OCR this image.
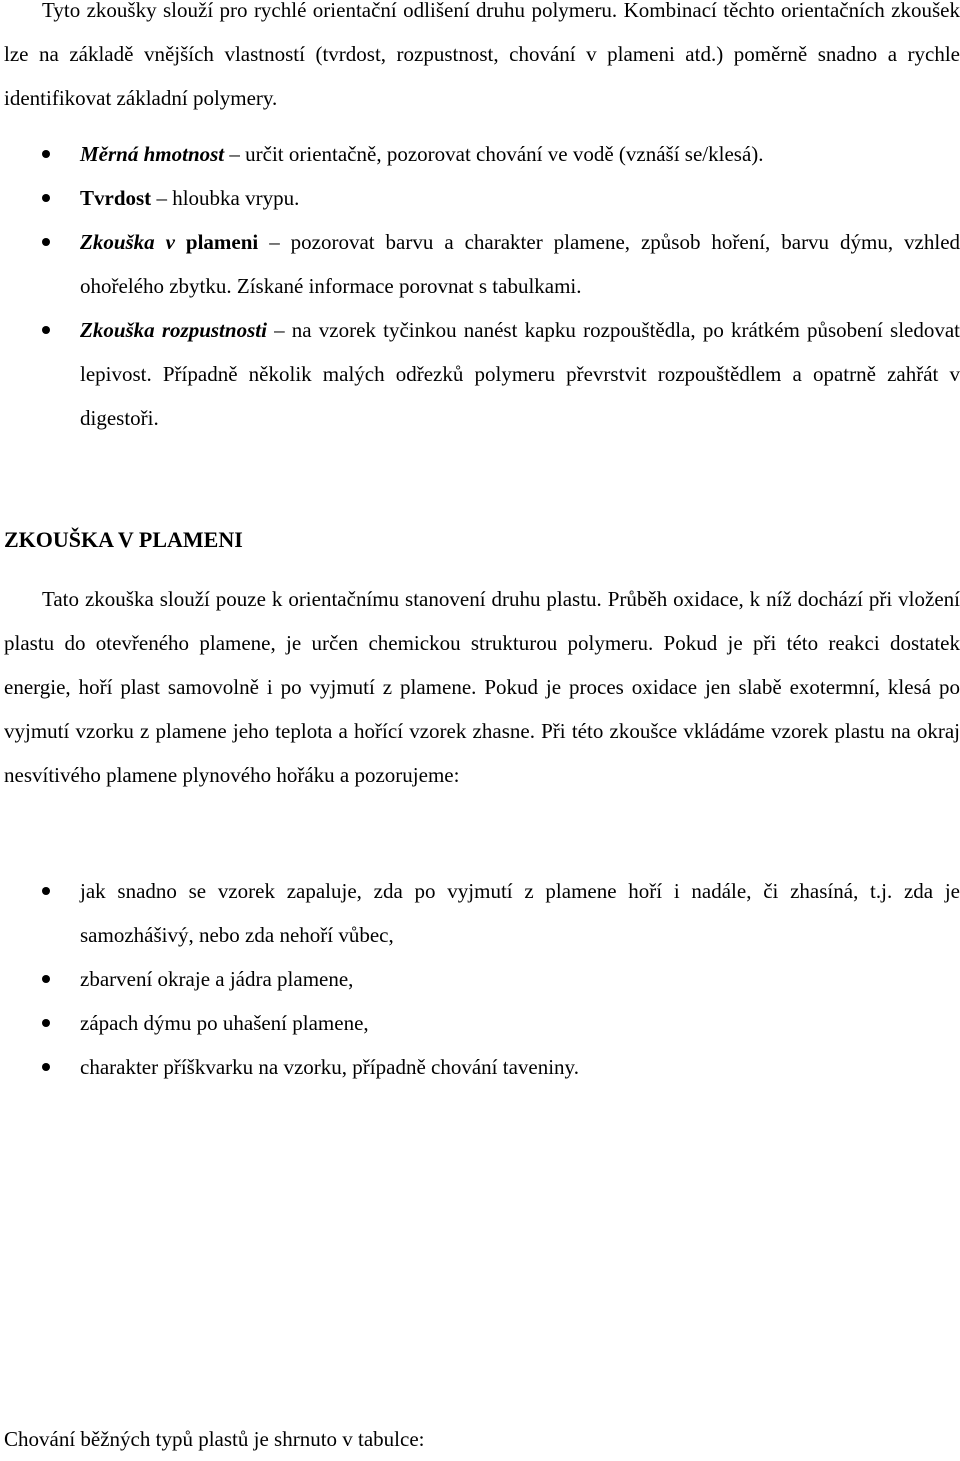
Tyto zkoušky slouží pro rychlé orientační odlišení druhu polymeru. Kombinací těchto orientačních zkoušek lze na základě vnějších vlastností (tvrdost, rozpustnost, chování v plameni atd.) poměrně snadno a rychle identifikovat základní polymery.

Měrná hmotnost – určit orientačně, pozorovat chování ve vodě (vznáší se/klesá).
Tvrdost – hloubka vrypu.
Zkouška v plameni – pozorovat barvu a charakter plamene, způsob hoření, barvu dýmu, vzhled ohořelého zbytku. Získané informace porovnat s tabulkami.
Zkouška rozpustnosti – na vzorek tyčinkou nanést kapku rozpouštědla, po krátkém působení sledovat lepivost. Případně několik malých odřezků polymeru převrstvit rozpouštědlem a opatrně zahřát v digestoři.
ZKOUŠKA V PLAMENI

Tato zkouška slouží pouze k orientačnímu stanovení druhu plastu. Průběh oxidace, k níž dochází při vložení plastu do otevřeného plamene, je určen chemickou strukturou polymeru. Pokud je při této reakci dostatek energie, hoří plast samovolně i po vyjmutí z plamene. Pokud je proces oxidace jen slabě exotermní, klesá po vyjmutí vzorku z plamene jeho teplota a hořící vzorek zhasne. Při této zkoušce vkládáme vzorek plastu na okraj nesvítivého plamene plynového hořáku a pozorujeme:

jak snadno se vzorek zapaluje, zda po vyjmutí z plamene hoří i nadále, či zhasíná, t.j. zda je samozhášivý, nebo zda nehoří vůbec,
zbarvení okraje a jádra plamene,
zápach dýmu po uhašení plamene,
charakter příškvarku na vzorku, případně chování taveniny.

Chování běžných typů plastů je shrnuto v tabulce:
